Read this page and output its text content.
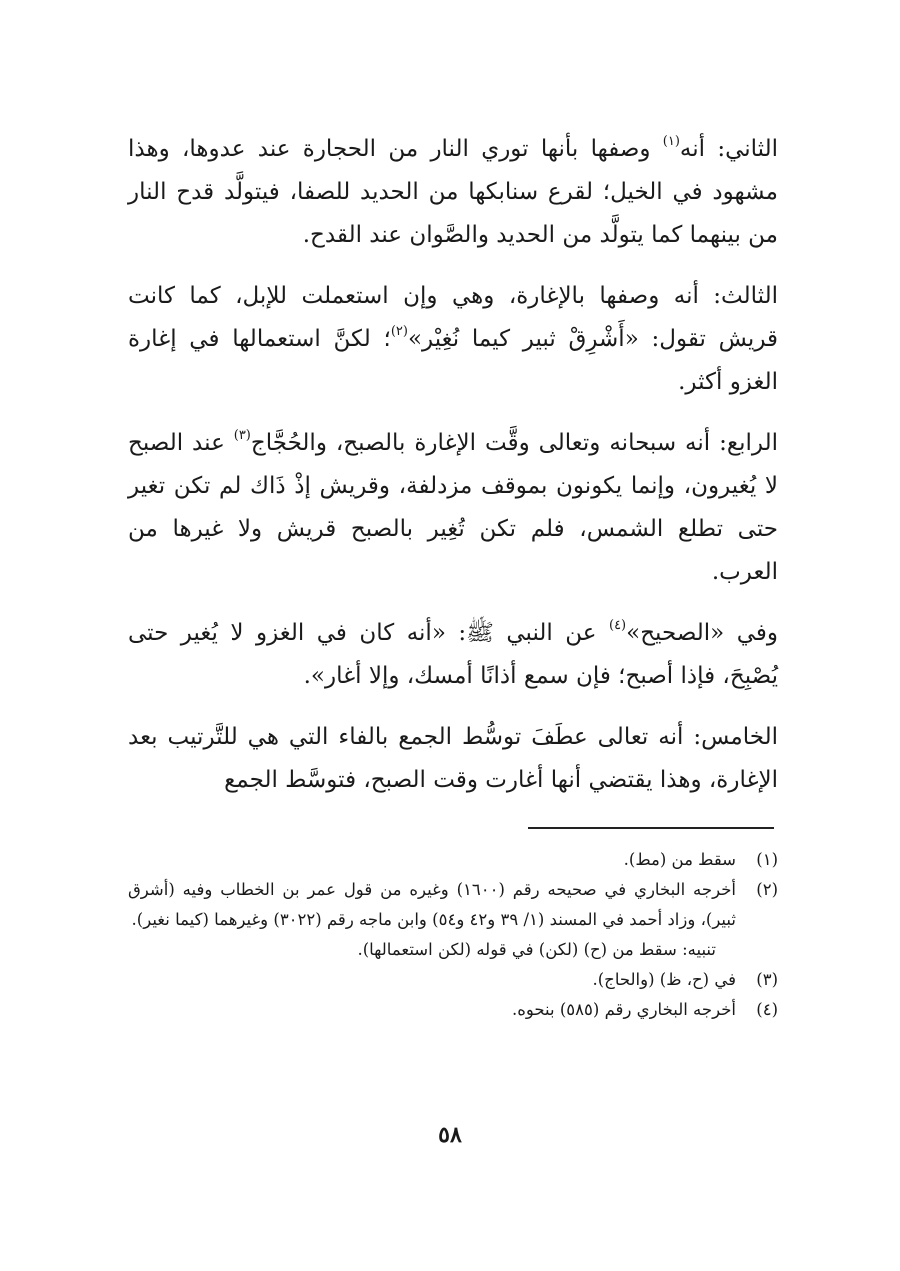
الثاني: أنه$^{(١)}$ وصفها بأنها توري النار من الحجارة عند عدوها، وهذا مشهود في الخيل؛ لقرع سنابكها من الحديد للصفا، فيتولَّد قدح النار من بينهما كما يتولَّد من الحديد والصَّوان عند القدح.

الثالث: أنه وصفها بالإغارة، وهي وإن استعملت للإبل، كما كانت قريش تقول: «أَشْرِقْ ثبير كيما نُغِيْر»$^{(٢)}$؛ لكنَّ استعمالها في إغارة الغزو أكثر.

الرابع: أنه سبحانه وتعالى وقَّت الإغارة بالصبح، والحُجَّاج$^{(٣)}$ عند الصبح لا يُغيرون، وإنما يكونون بموقف مزدلفة، وقريش إذْ ذَاك لم تكن تغير حتى تطلع الشمس، فلم تكن تُغِير بالصبح قريش ولا غيرها من العرب.

وفي «الصحيح»$^{(٤)}$ عن النبي ﷺ: «أنه كان في الغزو لا يُغير حتى يُصْبِحَ، فإذا أصبح؛ فإن سمع أذانًا أمسك، وإلا أغار».

الخامس: أنه تعالى عطَفَ توسُّط الجمع بالفاء التي هي للتَّرتيب بعد الإغارة، وهذا يقتضي أنها أغارت وقت الصبح، فتوسَّط الجمع

(١)
سقط من (مط).
(٢)
أخرجه البخاري في صحيحه رقم (١٦٠٠) وغيره من قول عمر بن الخطاب وفيه (أشرق ثبير)، وزاد أحمد في المسند (١/ ٣٩ و٤٢ و٥٤) وابن ماجه رقم (٣٠٢٢) وغيرهما (كيما نغير).
تنبيه: سقط من (ح) (لكن) في قوله (لكن استعمالها).
(٣)
في (ح، ظ) (والحاج).
(٤)
أخرجه البخاري رقم (٥٨٥) بنحوه.
٥٨
